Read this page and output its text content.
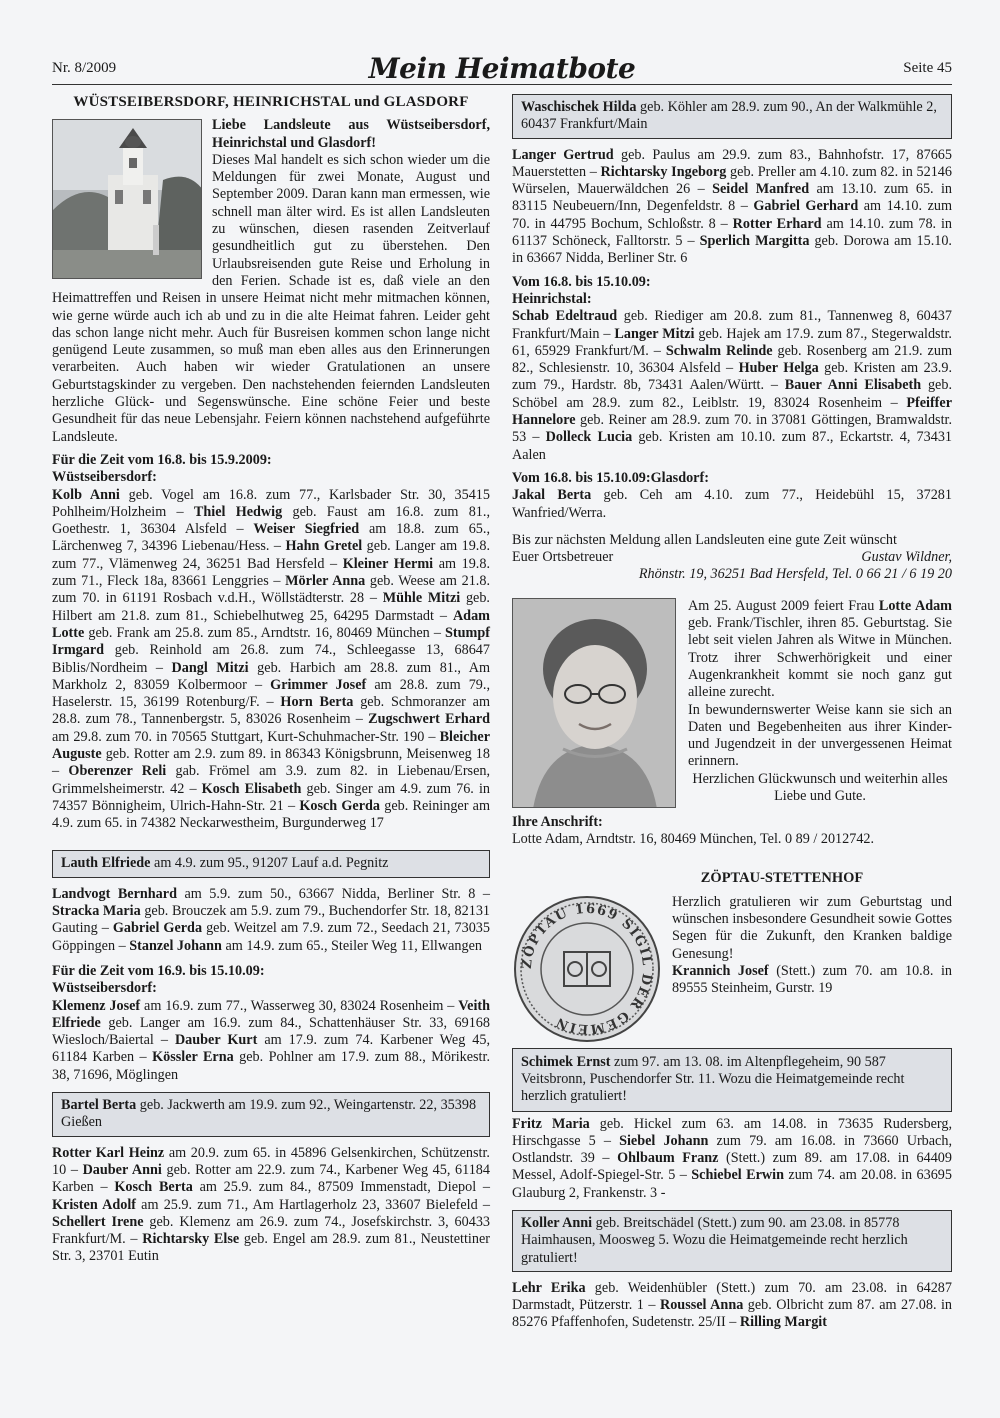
Nr. 8/2009	Mein Heimatbote	Seite 45
WÜSTSEIBERSDORF, HEINRICHSTAL und GLASDORF

Liebe Landsleute aus Wüstseibersdorf, Heinrichstal und Glasdorf!

Dieses Mal handelt es sich schon wieder um die Meldungen für zwei Monate, August und September 2009. Daran kann man ermessen, wie schnell man älter wird. Es ist allen Landsleuten zu wünschen, diesen rasenden Zeitverlauf gesundheitlich gut zu überstehen. Den Urlaubsreisenden gute Reise und Erholung in den Ferien. Schade ist es, daß viele an den Heimattreffen und Reisen in unsere Heimat nicht mehr mitmachen können, wie gerne würde auch ich ab und zu in die alte Heimat fahren. Leider geht das schon lange nicht mehr. Auch für Busreisen kommen schon lange nicht genügend Leute zusammen, so muß man eben alles aus den Erinnerungen verarbeiten. Auch haben wir wieder Gratulationen an unsere Geburtstagskinder zu vergeben. Den nachstehenden feiernden Landsleuten herzliche Glück- und Segenswünsche. Eine schöne Feier und beste Gesundheit für das neue Lebensjahr. Feiern können nachstehend aufgeführte Landsleute.

Für die Zeit vom 16.8. bis 15.9.2009:

Wüstseibersdorf:

Kolb Anni geb. Vogel am 16.8. zum 77., Karlsbader Str. 30, 35415 Pohlheim/Holzheim – Thiel Hedwig geb. Faust am 16.8. zum 81., Goethestr. 1, 36304 Alsfeld – Weiser Siegfried am 18.8. zum 65., Lärchenweg 7, 34396 Liebenau/Hess. – Hahn Gretel geb. Langer am 19.8. zum 77., Vlämenweg 24, 36251 Bad Hersfeld – Kleiner Hermi am 19.8. zum 71., Fleck 18a, 83661 Lenggries – Mörler Anna geb. Weese am 21.8. zum 70. in 61191 Rosbach v.d.H., Wöllstädterstr. 28 – Mühle Mitzi geb. Hilbert am 21.8. zum 81., Schiebelhutweg 25, 64295 Darmstadt – Adam Lotte geb. Frank am 25.8. zum 85., Arndtstr. 16, 80469 München – Stumpf Irmgard geb. Reinhold am 26.8. zum 74., Schleegasse 13, 68647 Biblis/Nordheim – Dangl Mitzi geb. Harbich am 28.8. zum 81., Am Markholz 2, 83059 Kolbermoor – Grimmer Josef am 28.8. zum 79., Haselerstr. 15, 36199 Rotenburg/F. – Horn Berta geb. Schmoranzer am 28.8. zum 78., Tannenbergstr. 5, 83026 Rosenheim – Zugschwert Erhard am 29.8. zum 70. in 70565 Stuttgart, Kurt-Schuhmacher-Str. 190 – Bleicher Auguste geb. Rotter am 2.9. zum 89. in 86343 Königsbrunn, Meisenweg 18 – Oberenzer Reli gab. Frömel am 3.9. zum 82. in Liebenau/Ersen, Grimmelsheimerstr. 42 – Kosch Elisabeth geb. Singer am 4.9. zum 76. in 74357 Bönnigheim, Ulrich-Hahn-Str. 21 – Kosch Gerda geb. Reininger am 4.9. zum 65. in 74382 Neckarwestheim, Burgunderweg 17

Lauth Elfriede am 4.9. zum 95., 91207 Lauf a.d. Pegnitz

Landvogt Bernhard am 5.9. zum 50., 63667 Nidda, Berliner Str. 8 – Stracka Maria geb. Brouczek am 5.9. zum 79., Buchendorfer Str. 18, 82131 Gauting – Gabriel Gerda geb. Weitzel am 7.9. zum 72., Seedach 21, 73035 Göppingen – Stanzel Johann am 14.9. zum 65., Steiler Weg 11, Ellwangen

Für die Zeit vom 16.9. bis 15.10.09:

Wüstseibersdorf:

Klemenz Josef am 16.9. zum 77., Wasserweg 30, 83024 Rosenheim – Veith Elfriede geb. Langer am 16.9. zum 84., Schattenhäuser Str. 33, 69168 Wiesloch/Baiertal – Dauber Kurt am 17.9. zum 74. Karbener Weg 45, 61184 Karben – Kössler Erna geb. Pohlner am 17.9. zum 88., Mörikestr. 38, 71696, Möglingen

Bartel Berta geb. Jackwerth am 19.9. zum 92., Weingartenstr. 22, 35398 Gießen

Rotter Karl Heinz am 20.9. zum 65. in 45896 Gelsenkirchen, Schützenstr. 10 – Dauber Anni geb. Rotter am 22.9. zum 74., Karbener Weg 45, 61184 Karben – Kosch Berta am 25.9. zum 84., 87509 Immenstadt, Diepol – Kristen Adolf am 25.9. zum 71., Am Hartlagerholz 23, 33607 Bielefeld – Schellert Irene geb. Klemenz am 26.9. zum 74., Josefskirchstr. 3, 60433 Frankfurt/M. – Richtarsky Else geb. Engel am 28.9. zum 81., Neustettiner Str. 3, 23701 Eutin

Waschischek Hilda geb. Köhler am 28.9. zum 90., An der Walkmühle 2, 60437 Frankfurt/Main

Langer Gertrud geb. Paulus am 29.9. zum 83., Bahnhofstr. 17, 87665 Mauerstetten – Richtarsky Ingeborg geb. Preller am 4.10. zum 82. in 52146 Würselen, Mauerwäldchen 26 – Seidel Manfred am 13.10. zum 65. in 83115 Neubeuern/Inn, Degenfeldstr. 8 – Gabriel Gerhard am 14.10. zum 70. in 44795 Bochum, Schloßstr. 8 – Rotter Erhard am 14.10. zum 78. in 61137 Schöneck, Falltorstr. 5 – Sperlich Margitta geb. Dorowa am 15.10. in 63667 Nidda, Berliner Str. 6

Vom 16.8. bis 15.10.09:

Heinrichstal:

Schab Edeltraud geb. Riediger am 20.8. zum 81., Tannenweg 8, 60437 Frankfurt/Main – Langer Mitzi geb. Hajek am 17.9. zum 87., Stegerwaldstr. 61, 65929 Frankfurt/M. – Schwalm Relinde geb. Rosenberg am 21.9. zum 82., Schlesienstr. 10, 36304 Alsfeld – Huber Helga geb. Kristen am 23.9. zum 79., Hardstr. 8b, 73431 Aalen/Württ. – Bauer Anni Elisabeth geb. Schöbel am 28.9. zum 82., Leiblstr. 19, 83024 Rosenheim – Pfeiffer Hannelore geb. Reiner am 28.9. zum 70. in 37081 Göttingen, Bramwaldstr. 53 – Dolleck Lucia geb. Kristen am 10.10. zum 87., Eckartstr. 4, 73431 Aalen

Vom 16.8. bis 15.10.09:Glasdorf:

Jakal Berta geb. Ceh am 4.10. zum 77., Heidebühl 15, 37281 Wanfried/Werra.

Bis zur nächsten Meldung allen Landsleuten eine gute Zeit wünscht

Euer Ortsbetreuer	Gustav Wildner,

Rhönstr. 19, 36251 Bad Hersfeld, Tel. 0 66 21 / 6 19 20

Am 25. August 2009 feiert Frau Lotte Adam geb. Frank/Tischler, ihren 85. Geburtstag. Sie lebt seit vielen Jahren als Witwe in München. Trotz ihrer Schwerhörigkeit und einer Augenkrankheit kommt sie noch ganz gut alleine zurecht.

In bewundernswerter Weise kann sie sich an Daten und Begebenheiten aus ihrer Kinder- und Jugendzeit in der unvergessenen Heimat erinnern.

Herzlichen Glückwunsch und weiterhin alles Liebe und Gute.

Ihre Anschrift:

Lotte Adam, Arndtstr. 16, 80469 München, Tel. 0 89 / 2012742.

ZÖPTAU-STETTENHOF
ZÖPTAU 1669 SIGIL DER GEMEIN

Herzlich gratulieren wir zum Geburtstag und wünschen insbesondere Gesundheit sowie Gottes Segen für die Zukunft, den Kranken baldige Genesung!

Krannich Josef (Stett.) zum 70. am 10.8. in 89555 Steinheim, Gurstr. 19

Schimek Ernst zum 97. am 13. 08. im Altenpflegeheim, 90 587 Veitsbronn, Puschendorfer Str. 11. Wozu die Heimatgemeinde recht herzlich gratuliert!

Fritz Maria geb. Hickel zum 63. am 14.08. in 73635 Rudersberg, Hirschgasse 5 – Siebel Johann zum 79. am 16.08. in 73660 Urbach, Ostlandstr. 39 – Ohlbaum Franz (Stett.) zum 89. am 17.08. in 64409 Messel, Adolf-Spiegel-Str. 5 – Schiebel Erwin zum 74. am 20.08. in 63695 Glauburg 2, Frankenstr. 3 -

Koller Anni geb. Breitschädel (Stett.) zum 90. am 23.08. in 85778 Haimhausen, Moosweg 5. Wozu die Heimatgemeinde recht herzlich gratuliert!

Lehr Erika geb. Weidenhübler (Stett.) zum 70. am 23.08. in 64287 Darmstadt, Pützerstr. 1 – Roussel Anna geb. Olbricht zum 87. am 27.08. in 85276 Pfaffenhofen, Sudetenstr. 25/II – Rilling Margit
